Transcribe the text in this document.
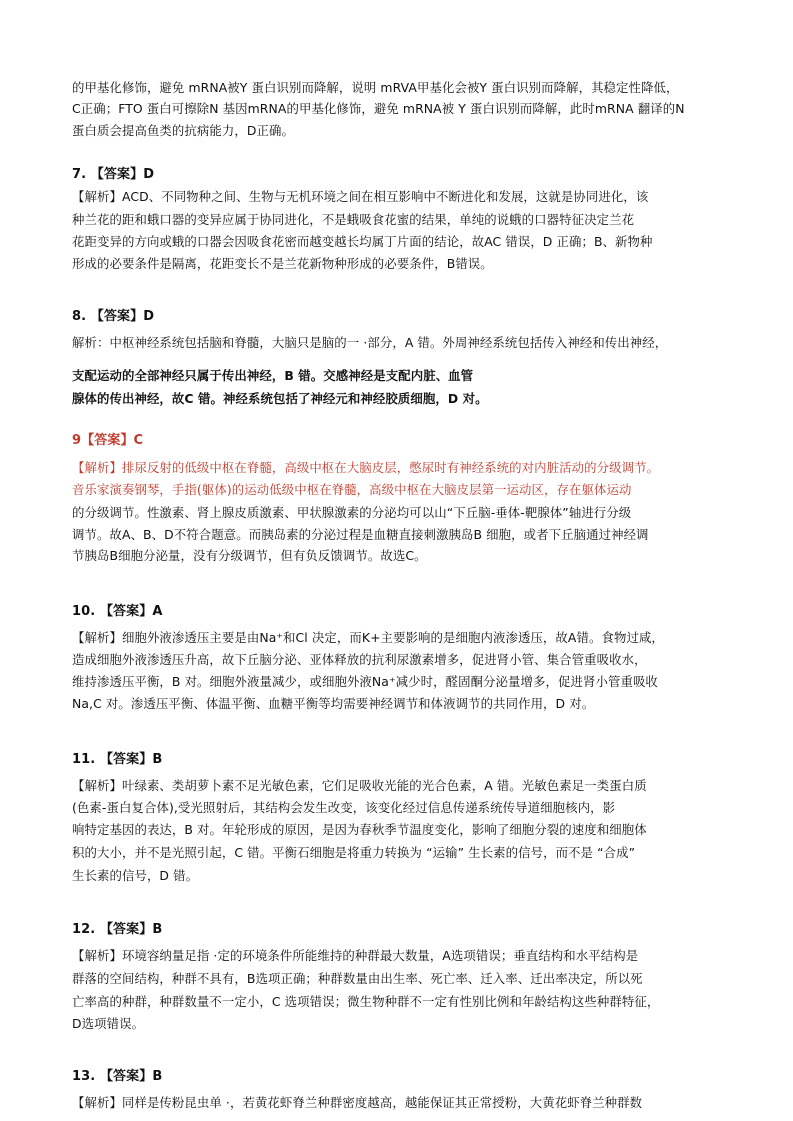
的甲基化修饰，避免 mRNA被Y 蛋白识别而降解，说明 mRVA甲基化会被Y 蛋白识别而降解，其稳定性降低，
C正确；FTO 蛋白可擦除N 基因mRNA的甲基化修饰，避免 mRNA被 Y 蛋白识别而降解，此时mRNA 翻译的N
蛋白质会提高鱼类的抗病能力，D正确。
7. 【答案】D
【解析】ACD、不同物种之间、生物与无机环境之间在相互影响中不断进化和发展，这就是协同进化，该
种兰花的距和蛾口器的变异应属于协同进化，不是蛾吸食花蜜的结果，单纯的说蛾的口器特征决定兰花
花距变异的方向或蛾的口器会因吸食花密而越变越长均属丁片面的结论，故AC 错误，D 正确；B、新物种
形成的必要条件是隔离，花距变长不是兰花新物种形成的必要条件，B错误。
8. 【答案】D
解析：中枢神经系统包括脑和脊髓，大脑只是脑的一 ·部分，A 错。外周神经系统包括传入神经和传出神经，
支配运动的全部神经只属于传出神经，B 错。交感神经是支配内脏、血管
腺体的传出神经，故C 错。神经系统包括了神经元和神经胶质细胞，D 对。
9【答案】C
【解析】排尿反射的低级中枢在脊髓，高级中枢在大脑皮层，憋尿时有神经系统的对内脏活动的分级调节。
音乐家演奏钢琴，手指(躯体)的运动低级中枢在脊髓，高级中枢在大脑皮层第一运动区，存在躯体运动
的分级调节。性激素、肾上腺皮质激素、甲状腺激素的分泌均可以山“下丘脑-垂体-靶腺体”轴进行分级
调节。故A、B、D不符合题意。而胰岛素的分泌过程是血糖直接刺激胰岛B 细胞，或者下丘脑通过神经调
节胰岛B细胞分泌量，没有分级调节，但有负反馈调节。故选C。
10. 【答案】A
【解析】细胞外液渗透压主要是由Na⁺和Cl 决定，而K+主要影响的是细胞内液渗透压，故A错。食物过咸，
造成细胞外液渗透压升高，故下丘脑分泌、亚体释放的抗利尿激素增多，促进肾小管、集合管重吸收水，
维持渗透压平衡，B 对。细胞外液量减少，或细胞外液Na⁺减少时，醛固酮分泌量增多，促进肾小管重吸收
Na,C 对。渗透压平衡、体温平衡、血糖平衡等均需要神经调节和体液调节的共同作用，D 对。
11. 【答案】B
【解析】叶绿素、类胡萝卜素不足光敏色素，它们足吸收光能的光合色素，A 错。光敏色素足一类蛋白质
(色素-蛋白复合体),受光照射后，其结构会发生改变，该变化经过信息传递系统传导道细胞核内，影
响特定基因的表达，B 对。年轮形成的原因，是因为春秋季节温度变化，影响了细胞分裂的速度和细胞体
积的大小，并不是光照引起，C 错。平衡石细胞是将重力转换为 “运输” 生长素的信号，而不是 “合成”
生长素的信号，D 错。
12. 【答案】B
【解析】环境容纳量足指 ·定的环境条件所能维持的种群最大数量，A选项错误；垂直结构和水平结构是
群落的空间结构，种群不具有，B选项正确；种群数量由出生率、死亡率、迁入率、迁出率决定，所以死
亡率高的种群，种群数量不一定小，C 选项错误；微生物种群不一定有性别比例和年龄结构这些种群特征，
D选项错误。
13. 【答案】B
【解析】同样是传粉昆虫单 ·，若黄花虾脊兰种群密度越高，越能保证其正常授粉，大黄花虾脊兰种群数
